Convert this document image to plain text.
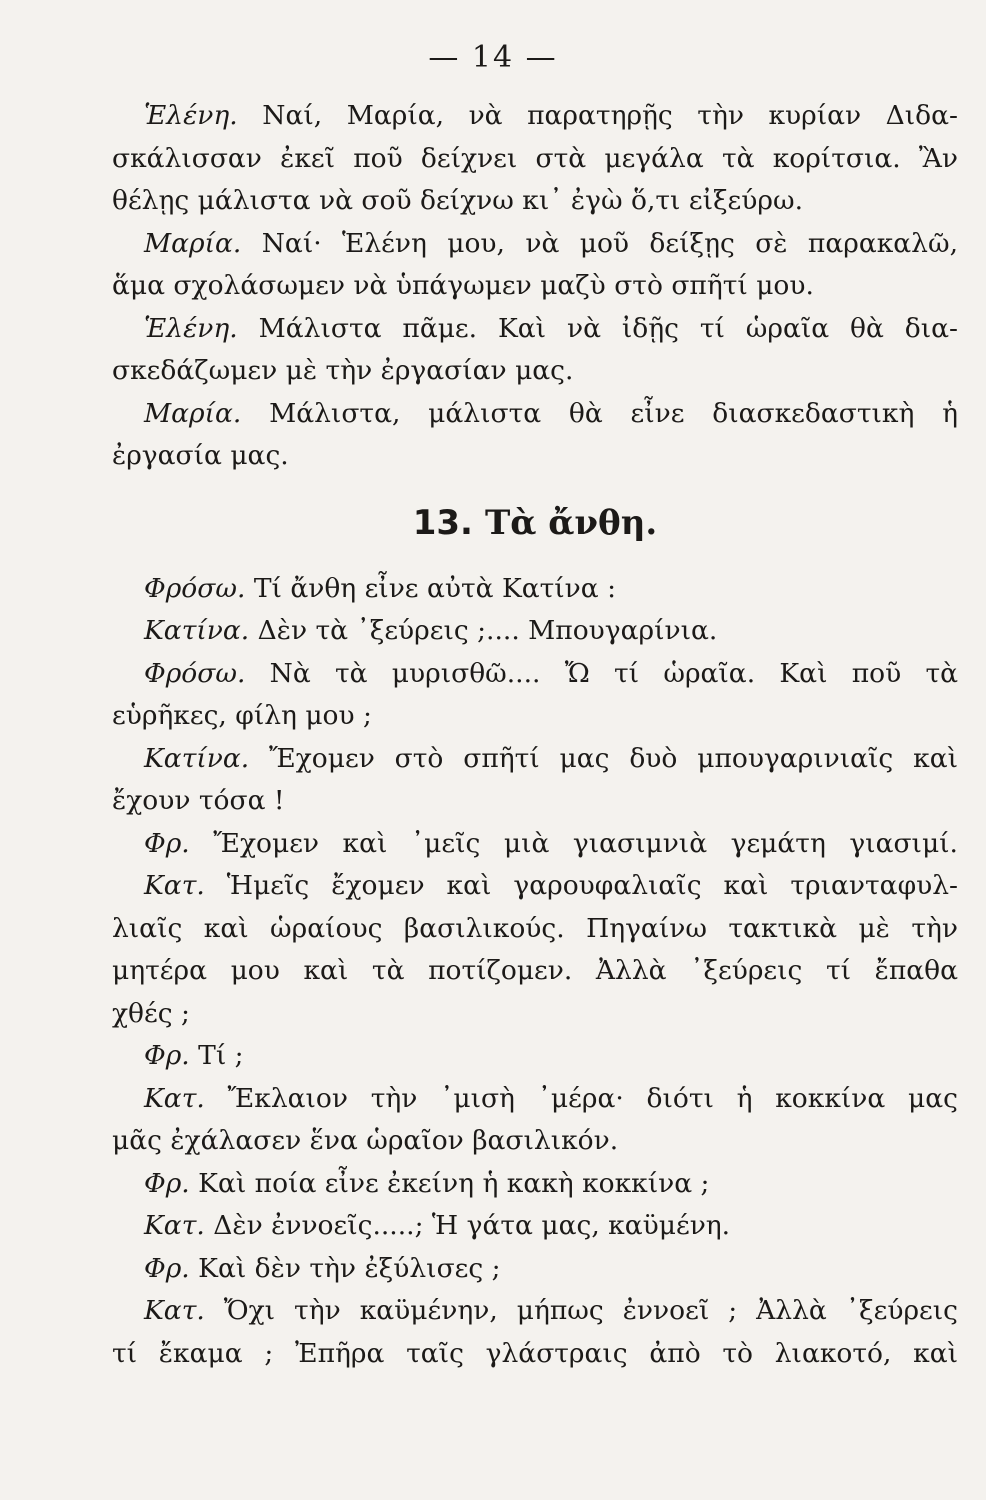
— 14 —
Ἑλένη. Ναί, Μαρία, νὰ παρατηρῇς τὴν κυρίαν Διδα-
σκάλισσαν ἐκεῖ ποῦ δείχνει στὰ μεγάλα τὰ κορίτσια. Ἂν
θέλῃς μάλιστα νὰ σοῦ δείχνω κι᾽ ἐγὼ ὅ,τι εἰξεύρω.
Μαρία. Ναί· Ἑλένη μου, νὰ μοῦ δείξῃς σὲ παρακαλῶ,
ἅμα σχολάσωμεν νὰ ὑπάγωμεν μαζὺ στὸ σπῆτί μου.
Ἑλένη. Μάλιστα πᾶμε. Καὶ νὰ ἰδῇς τί ὡραῖα θὰ δια-
σκεδάζωμεν μὲ τὴν ἐργασίαν μας.
Μαρία. Μάλιστα, μάλιστα θὰ εἶνε διασκεδαστικὴ ἡ
ἐργασία μας.
13. Τὰ ἄνθη.
Φρόσω. Τί ἄνθη εἶνε αὐτὰ Κατίνα :
Κατίνα. Δὲν τὰ ᾽ξεύρεις ;.... Μπουγαρίνια.
Φρόσω. Νὰ τὰ μυρισθῶ.... Ὤ τί ὡραῖα. Καὶ ποῦ τὰ
εὑρῆκες, φίλη μου ;
Κατίνα. Ἔχομεν στὸ σπῆτί μας δυὸ μπουγαρινιαῖς καὶ
ἔχουν τόσα !
Φρ. Ἔχομεν καὶ ᾽μεῖς μιὰ γιασιμνιὰ γεμάτη γιασιμί.
Κατ. Ἡμεῖς ἔχομεν καὶ γαρουφαλιαῖς καὶ τριανταφυλ-
λιαῖς καὶ ὡραίους βασιλικούς. Πηγαίνω τακτικὰ μὲ τὴν
μητέρα μου καὶ τὰ ποτίζομεν. Ἀλλὰ ᾽ξεύρεις τί ἔπαθα
χθές ;
Φρ. Τί ;
Κατ. Ἔκλαιον τὴν ᾽μισὴ ᾽μέρα· διότι ἡ κοκκίνα μας
μᾶς ἐχάλασεν ἕνα ὡραῖον βασιλικόν.
Φρ. Καὶ ποία εἶνε ἐκείνη ἡ κακὴ κοκκίνα ;
Κατ. Δὲν ἐννοεῖς.....; Ἡ γάτα μας, καϋμένη.
Φρ. Καὶ δὲν τὴν ἐξύλισες ;
Κατ. Ὄχι τὴν καϋμένην, μήπως ἐννοεῖ ; Ἀλλὰ ᾽ξεύρεις
τί ἔκαμα ; Ἐπῆρα ταῖς γλάστραις ἀπὸ τὸ λιακοτό, καὶ
